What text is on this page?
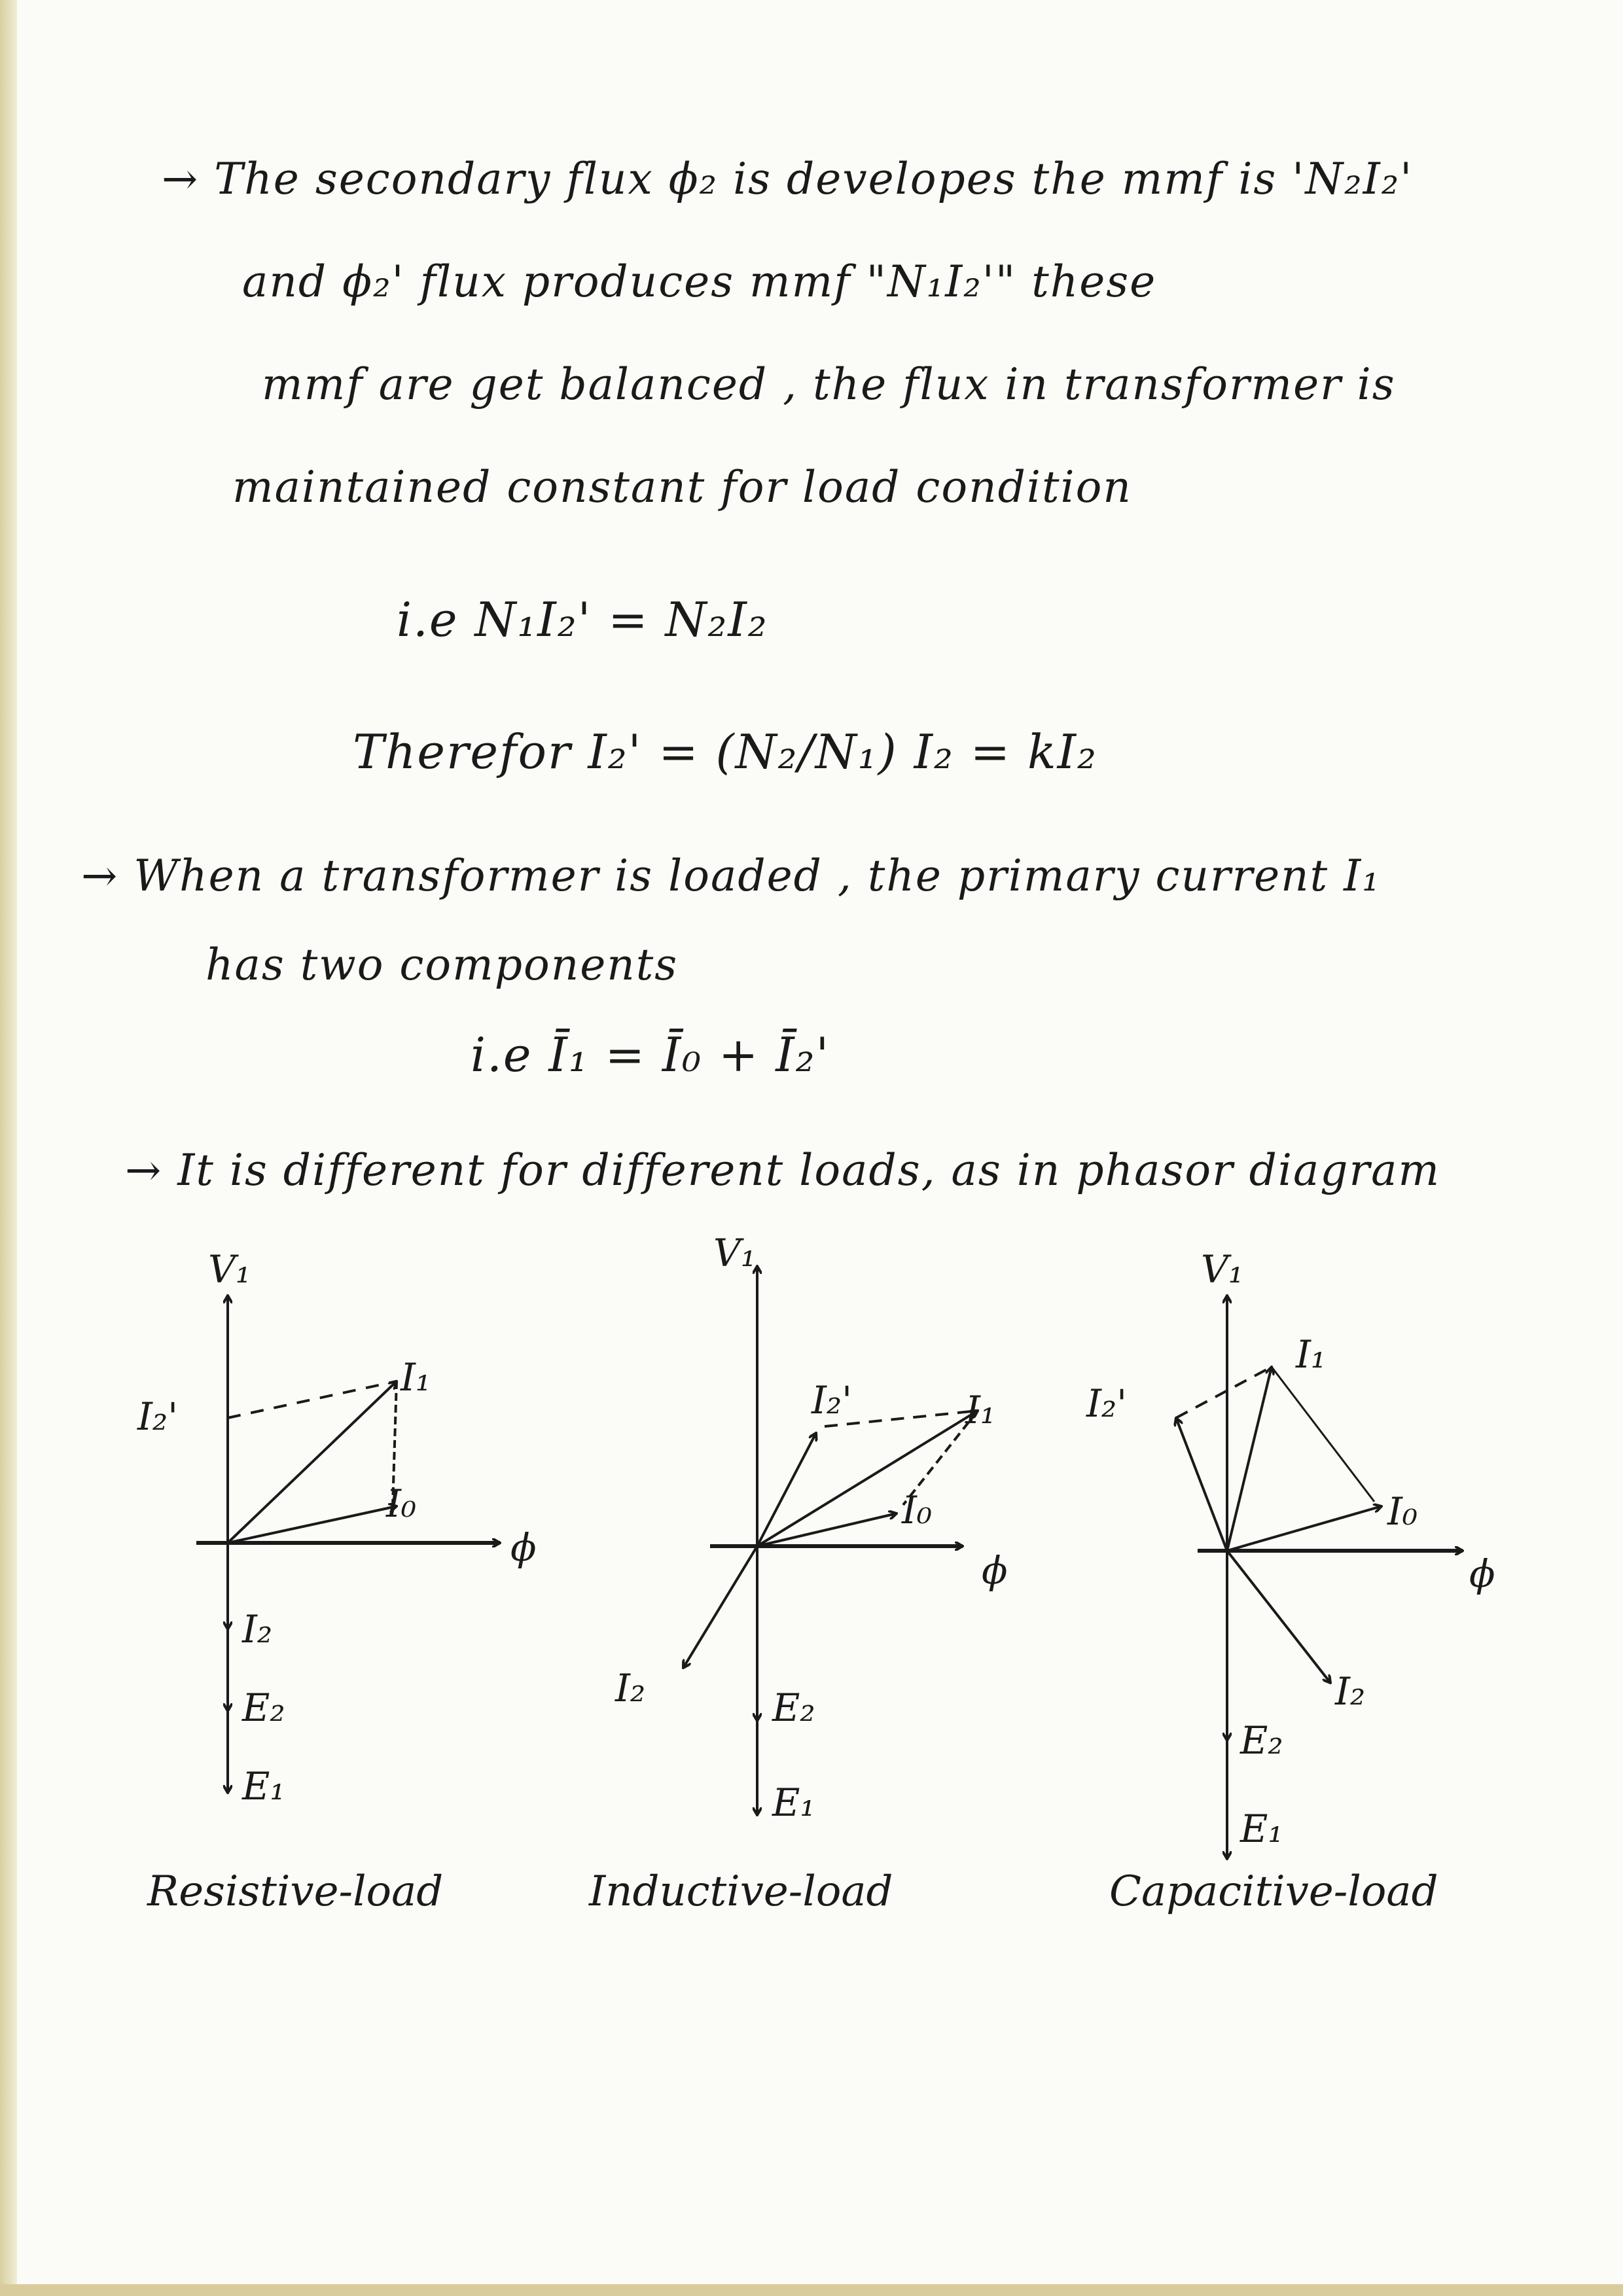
→ The secondary flux ϕ₂ is developes the mmf is 'N₂I₂'
and ϕ₂' flux produces mmf "N₁I₂'" these
mmf are get balanced , the flux in transformer is
maintained constant for load condition
i.e N₁I₂' = N₂I₂
Therefor I₂' = (N₂/N₁) I₂ = kI₂
→ When a transformer is loaded , the primary current I₁
has two components
i.e Ī₁ = Ī₀ + Ī₂'
→ It is different for different loads, as in phasor diagram
V₁
ϕ
I₁
I₀
I₂'
I₂
E₂
E₁
Resistive-load
V₁
ϕ
I₁
I₀
I₂'
I₂	E₂
E₁
Inductive-load
V₁
ϕ
I₁
I₀
I₂'
I₂
E₂
E₁
Capacitive-load
